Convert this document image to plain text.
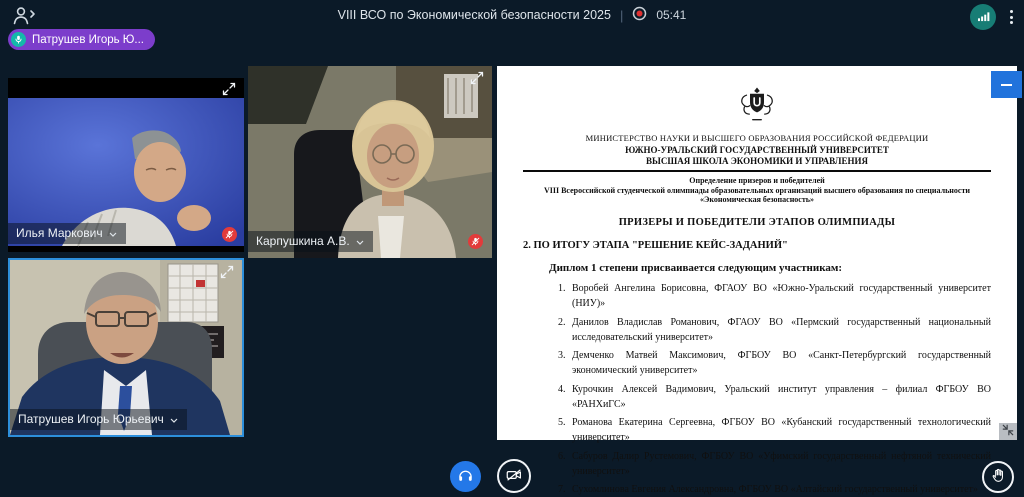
VIII ВСО по Экономической безопасности 2025 |	05:41
Патрушев Игорь Ю...
Илья Маркович
Карпушкина А.В.
Патрушев Игорь Юрьевич
МИНИСТЕРСТВО НАУКИ И ВЫСШЕГО ОБРАЗОВАНИЯ РОССИЙСКОЙ ФЕДЕРАЦИИ
ЮЖНО-УРАЛЬСКИЙ ГОСУДАРСТВЕННЫЙ УНИВЕРСИТЕТ
ВЫСШАЯ ШКОЛА ЭКОНОМИКИ И УПРАВЛЕНИЯ
Определение призеров и победителей
VIII Всероссийской студенческой олимпиады образовательных организаций высшего образования по специальности «Экономическая безопасность»
ПРИЗЕРЫ И ПОБЕДИТЕЛИ ЭТАПОВ ОЛИМПИАДЫ
2. ПО ИТОГУ ЭТАПА "РЕШЕНИЕ КЕЙС-ЗАДАНИЙ"
Диплом 1 степени присваивается следующим участникам:
1. Воробей Ангелина Борисовна, ФГАОУ ВО «Южно-Уральский государственный университет (НИУ)»
2. Данилов Владислав Романович, ФГАОУ ВО «Пермский государственный национальный исследовательский университет»
3. Демченко Матвей Максимович, ФГБОУ ВО «Санкт-Петербургский государственный экономический университет»
4. Курочкин Алексей Вадимович, Уральский институт управления – филиал ФГБОУ ВО «РАНХиГС»
5. Романова Екатерина Сергеевна, ФГБОУ ВО «Кубанский государственный технологический университет»
6. Сабуров Далир Рустемович, ФГБОУ ВО «Уфимский государственный нефтяной технический университет»
7. Сухомлинова Евгения Александровна, ФГБОУ ВО «Алтайский государственный университет»
